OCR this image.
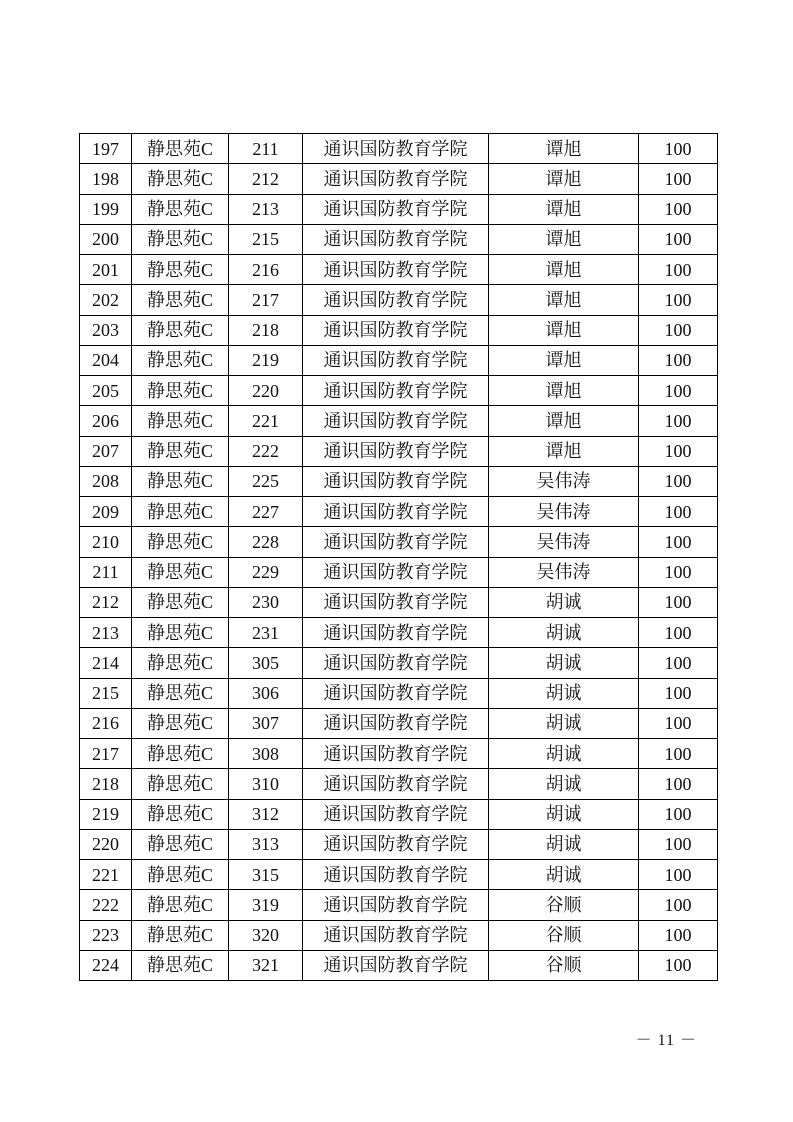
197	静思苑C	211	通识国防教育学院	谭旭	100
198	静思苑C	212	通识国防教育学院	谭旭	100
199	静思苑C	213	通识国防教育学院	谭旭	100
200	静思苑C	215	通识国防教育学院	谭旭	100
201	静思苑C	216	通识国防教育学院	谭旭	100
202	静思苑C	217	通识国防教育学院	谭旭	100
203	静思苑C	218	通识国防教育学院	谭旭	100
204	静思苑C	219	通识国防教育学院	谭旭	100
205	静思苑C	220	通识国防教育学院	谭旭	100
206	静思苑C	221	通识国防教育学院	谭旭	100
207	静思苑C	222	通识国防教育学院	谭旭	100
208	静思苑C	225	通识国防教育学院	吴伟涛	100
209	静思苑C	227	通识国防教育学院	吴伟涛	100
210	静思苑C	228	通识国防教育学院	吴伟涛	100
211	静思苑C	229	通识国防教育学院	吴伟涛	100
212	静思苑C	230	通识国防教育学院	胡诚	100
213	静思苑C	231	通识国防教育学院	胡诚	100
214	静思苑C	305	通识国防教育学院	胡诚	100
215	静思苑C	306	通识国防教育学院	胡诚	100
216	静思苑C	307	通识国防教育学院	胡诚	100
217	静思苑C	308	通识国防教育学院	胡诚	100
218	静思苑C	310	通识国防教育学院	胡诚	100
219	静思苑C	312	通识国防教育学院	胡诚	100
220	静思苑C	313	通识国防教育学院	胡诚	100
221	静思苑C	315	通识国防教育学院	胡诚	100
222	静思苑C	319	通识国防教育学院	谷顺	100
223	静思苑C	320	通识国防教育学院	谷顺	100
224	静思苑C	321	通识国防教育学院	谷顺	100
－ 11 －
